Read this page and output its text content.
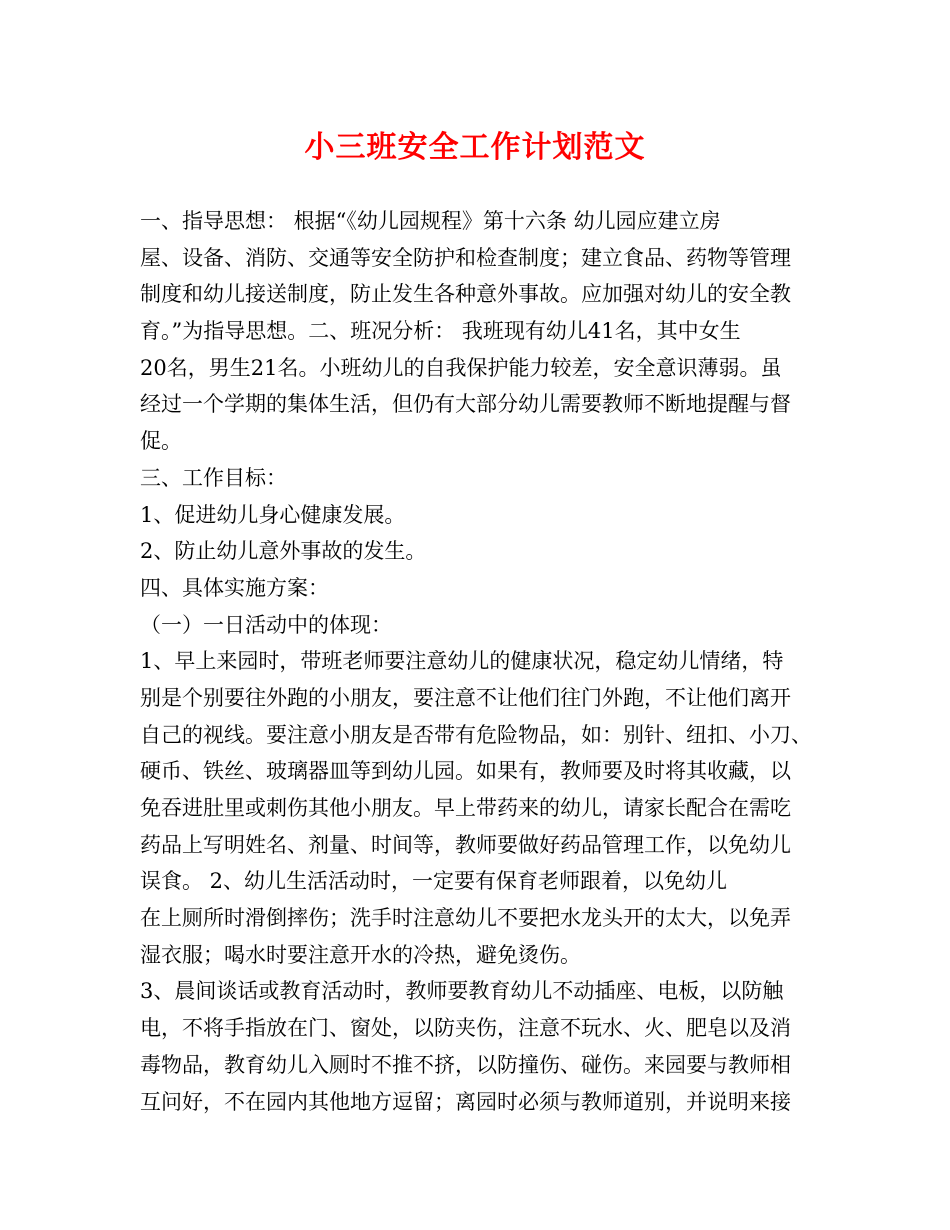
小三班安全工作计划范文
一、指导思想： 根据“《幼儿园规程》第十六条 幼儿园应建立房
屋、设备、消防、交通等安全防护和检查制度；建立食品、药物等管理
制度和幼儿接送制度，防止发生各种意外事故。应加强对幼儿的安全教
育。”为指导思想。二、班况分析： 我班现有幼儿41名，其中女生
20名，男生21名。小班幼儿的自我保护能力较差，安全意识薄弱。虽
经过一个学期的集体生活，但仍有大部分幼儿需要教师不断地提醒与督
促。
三、工作目标：
1、促进幼儿身心健康发展。
2、防止幼儿意外事故的发生。
四、具体实施方案：
（一）一日活动中的体现：
1、早上来园时，带班老师要注意幼儿的健康状况，稳定幼儿情绪，特
别是个别要往外跑的小朋友，要注意不让他们往门外跑，不让他们离开
自己的视线。要注意小朋友是否带有危险物品，如：别针、纽扣、小刀、
硬币、铁丝、玻璃器皿等到幼儿园。如果有，教师要及时将其收藏，以
免吞进肚里或刺伤其他小朋友。早上带药来的幼儿，请家长配合在需吃
药品上写明姓名、剂量、时间等，教师要做好药品管理工作，以免幼儿
误食。 2、幼儿生活活动时，一定要有保育老师跟着，以免幼儿
在上厕所时滑倒摔伤；洗手时注意幼儿不要把水龙头开的太大，以免弄
湿衣服；喝水时要注意开水的冷热，避免烫伤。
3、晨间谈话或教育活动时，教师要教育幼儿不动插座、电板，以防触
电，不将手指放在门、窗处，以防夹伤，注意不玩水、火、肥皂以及消
毒物品，教育幼儿入厕时不推不挤，以防撞伤、碰伤。来园要与教师相
互问好，不在园内其他地方逗留；离园时必须与教师道别，并说明来接
